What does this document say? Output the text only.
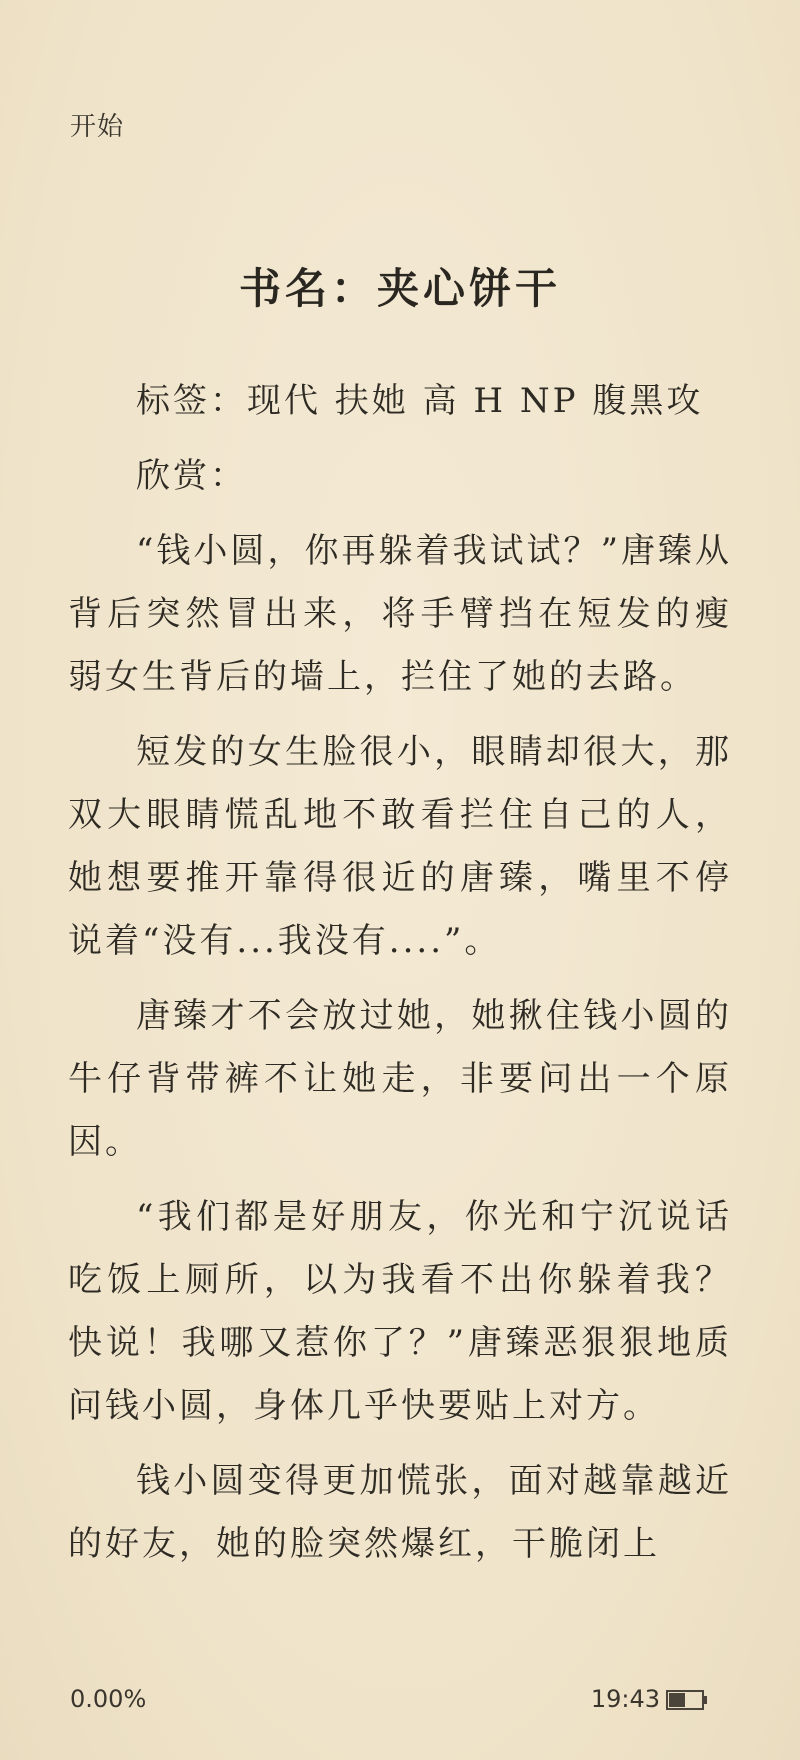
开始
书名：夹心饼干

标签：现代 扶她 高 H NP 腹黑攻

欣赏：

“钱小圆，你再躲着我试试？”唐臻从背后突然冒出来，将手臂挡在短发的瘦弱女生背后的墙上，拦住了她的去路。

短发的女生脸很小，眼睛却很大，那双大眼睛慌乱地不敢看拦住自己的人，她想要推开靠得很近的唐臻，嘴里不停说着“没有...我没有....”。

唐臻才不会放过她，她揪住钱小圆的牛仔背带裤不让她走，非要问出一个原因。

“我们都是好朋友，你光和宁沉说话吃饭上厕所，以为我看不出你躲着我？快说！我哪又惹你了？”唐臻恶狠狠地质问钱小圆，身体几乎快要贴上对方。

钱小圆变得更加慌张，面对越靠越近的好友，她的脸突然爆红，干脆闭上

0.00%	19:43
